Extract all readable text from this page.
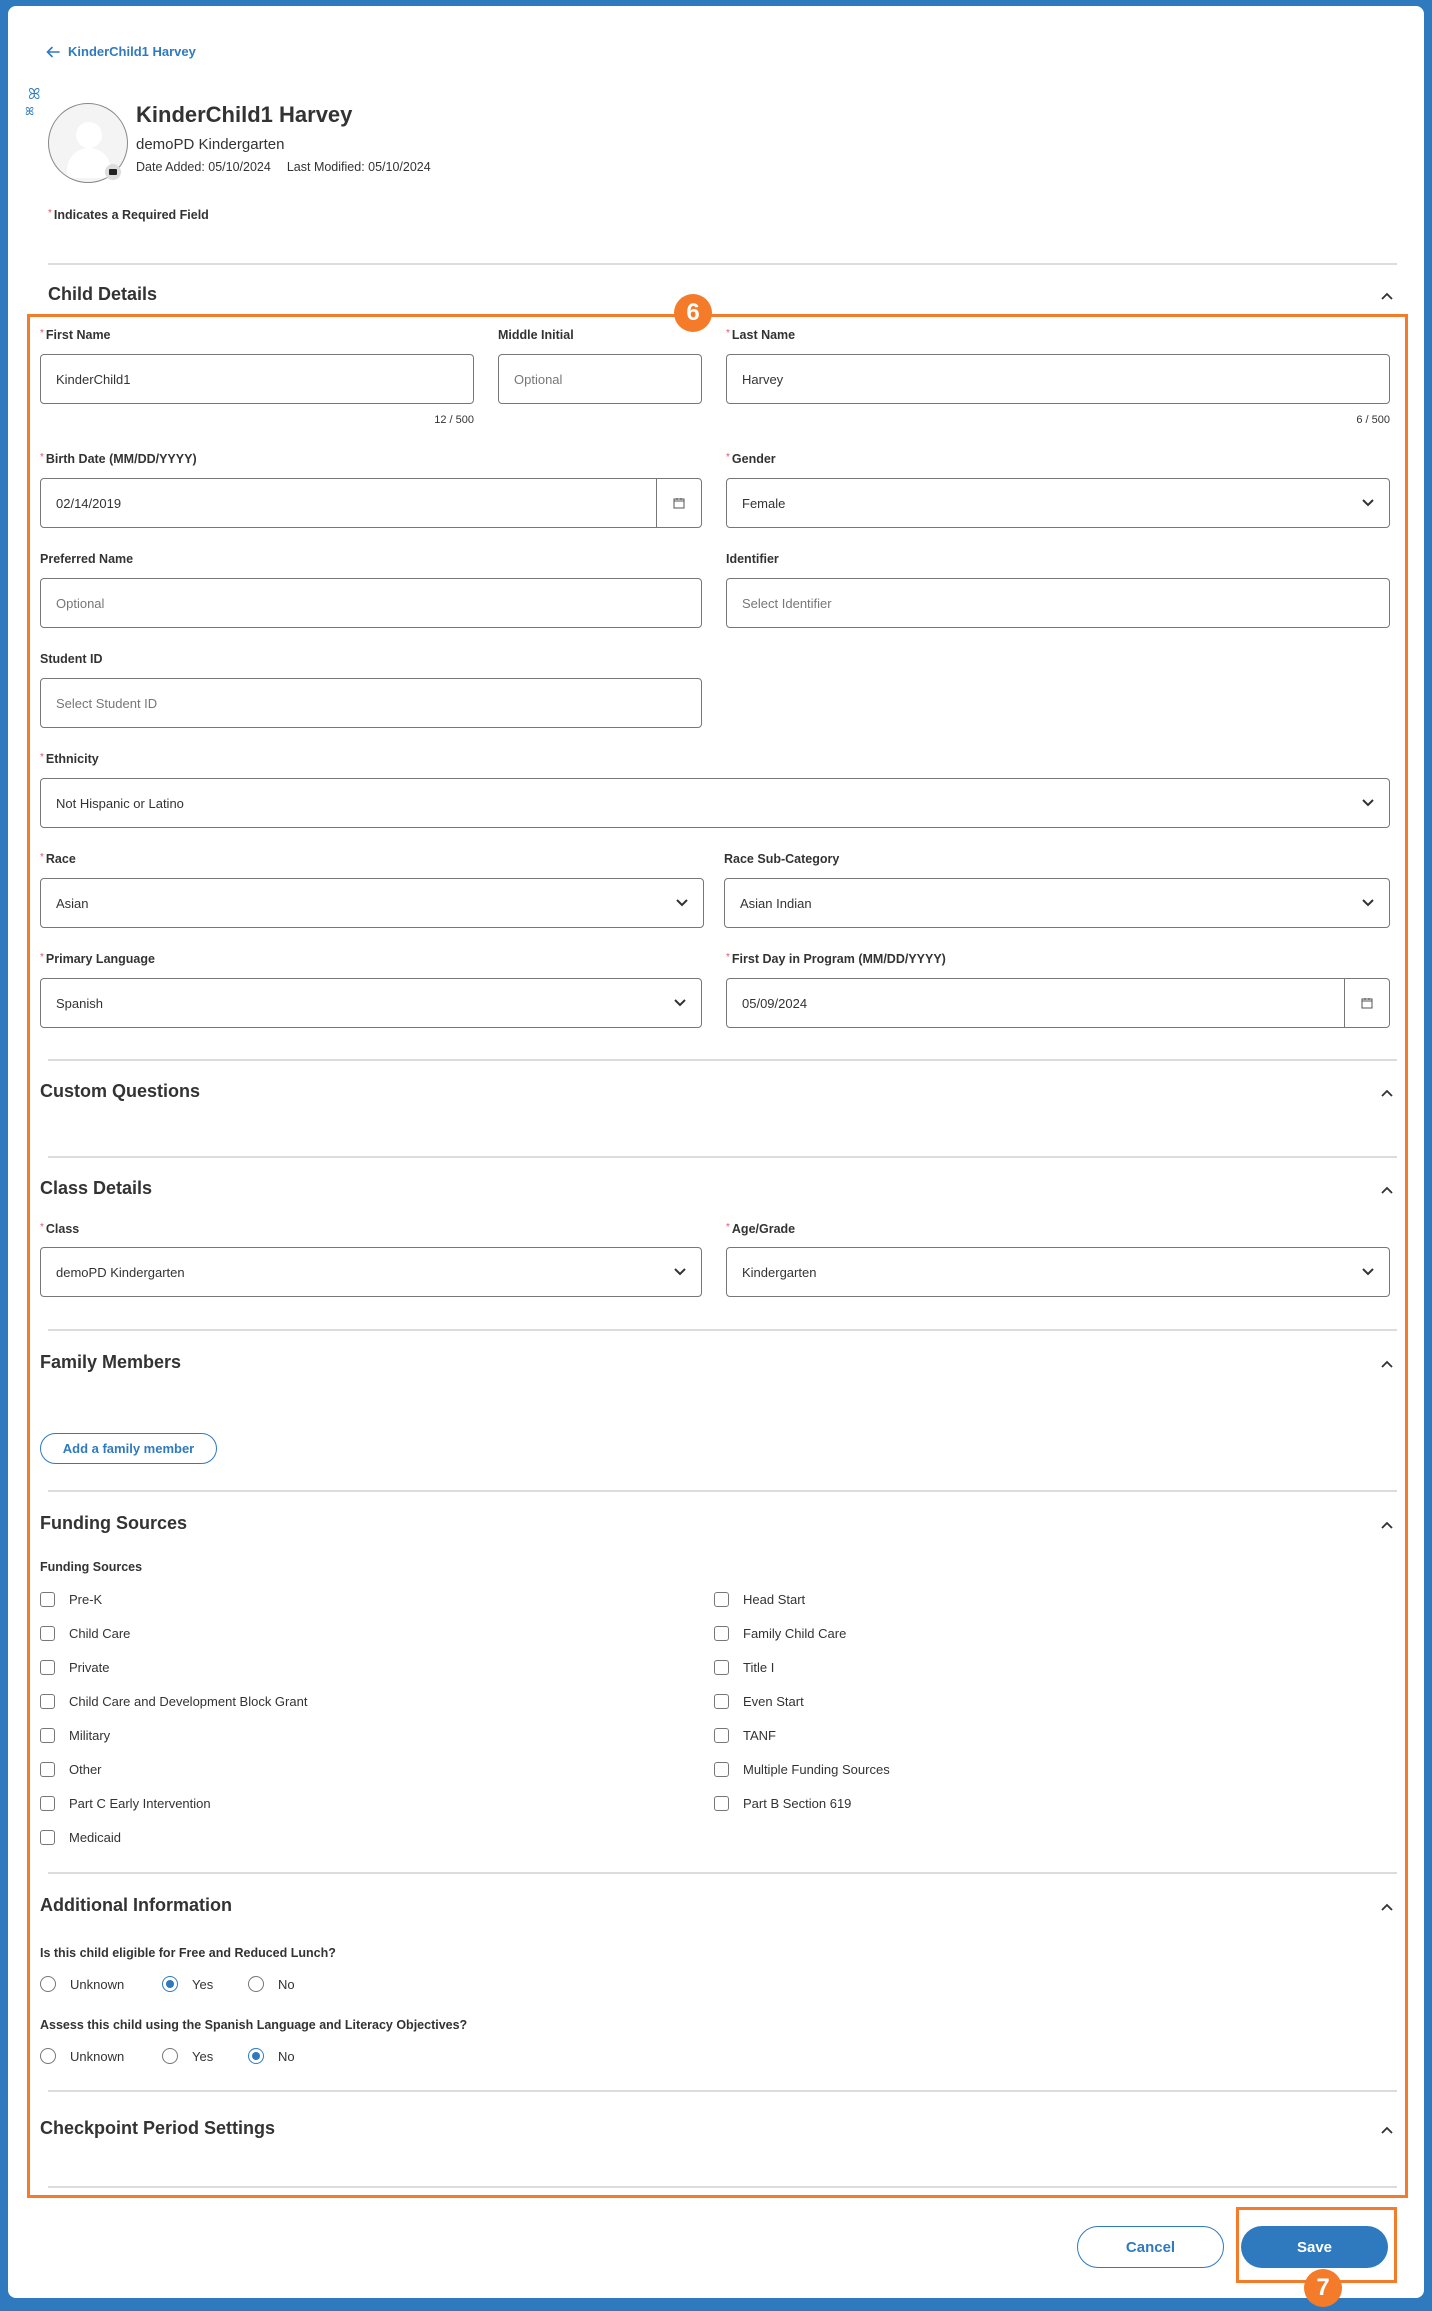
KinderChild1 Harvey
ꕤ
ꕤ	KinderChild1 Harvey
demoPD Kindergarten
Date Added: 05/10/2024 Last Modified: 05/10/2024
* Indicates a Required Field
Child Details
* First Name
KinderChild1
12 / 500
Middle Initial
Optional
* Last Name
Harvey
6 / 500
* Birth Date (MM/DD/YYYY)
02/14/2019
* Gender
Female
Preferred Name
Optional
Identifier
Select Identifier
Student ID
Select Student ID
* Ethnicity
Not Hispanic or Latino
* Race
Asian
Race Sub-Category
Asian Indian
* Primary Language
Spanish
* First Day in Program (MM/DD/YYYY)
05/09/2024
Custom Questions
Class Details
* Class
demoPD Kindergarten
* Age/Grade
Kindergarten
Family Members
Add a family member
Funding Sources
Funding Sources
Pre-K
Child Care
Private
Child Care and Development Block Grant
Military
Other
Part C Early Intervention
Medicaid
Head Start
Family Child Care
Title I
Even Start
TANF
Multiple Funding Sources
Part B Section 619
Additional Information
Is this child eligible for Free and Reduced Lunch?
Unknown	Yes	No
Assess this child using the Spanish Language and Literacy Objectives?
Unknown	Yes	No
Checkpoint Period Settings
Cancel	Save
6
7
